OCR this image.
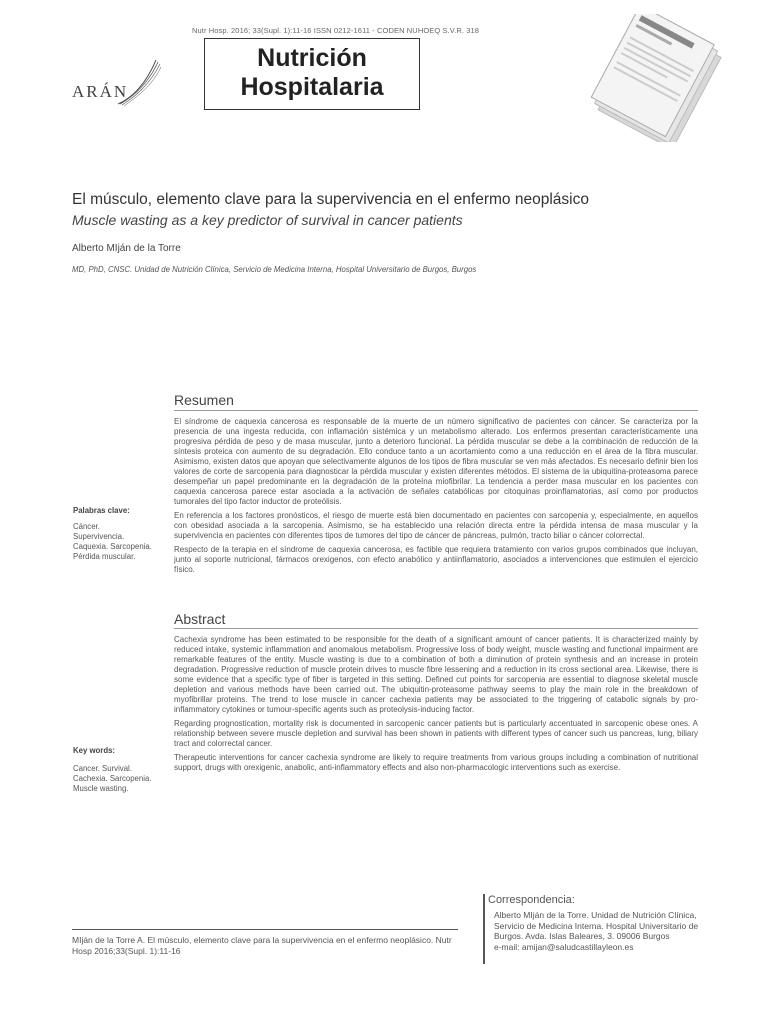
Nutr Hosp. 2016; 33(Supl. 1):11-16 ISSN 0212-1611 - CODEN NUHOEQ S.V.R. 318
ARÁN
Nutrición
Hospitalaria
El músculo, elemento clave para la supervivencia en el enfermo neoplásico
Muscle wasting as a key predictor of survival in cancer patients
Alberto MIján de la Torre
MD, PhD, CNSC. Unidad de Nutrición Clínica, Servicio de Medicina Interna, Hospital Universitario de Burgos, Burgos
Resumen

El síndrome de caquexia cancerosa es responsable de la muerte de un número significativo de pacientes con cáncer. Se caracteriza por la presencia de una ingesta reducida, con inflamación sistémica y un metabolismo alterado. Los enfermos presentan característicamente una progresiva pérdida de peso y de masa muscular, junto a deterioro funcional. La pérdida muscular se debe a la combinación de reducción de la síntesis proteica con aumento de su degradación. Ello conduce tanto a un acortamiento como a una reducción en el área de la fibra muscular. Asimismo, existen datos que apoyan que selectivamente algunos de los tipos de fibra muscular se ven más afectados. Es necesario definir bien los valores de corte de sarcopenia para diagnosticar la pérdida muscular y existen diferentes métodos. El sistema de la ubiquitina-proteasoma parece desempeñar un papel predominante en la degradación de la proteína miofibrilar. La tendencia a perder masa muscular en los pacientes con caquexia cancerosa parece estar asociada a la activación de señales catabólicas por citoquinas proinflamatorias, así como por productos tumorales del tipo factor inductor de proteólisis.

En referencia a los factores pronósticos, el riesgo de muerte está bien documentado en pacientes con sarcopenia y, especialmente, en aquellos con obesidad asociada a la sarcopenia. Asimismo, se ha establecido una relación directa entre la pérdida intensa de masa muscular y la supervivencia en pacientes con diferentes tipos de tumores del tipo de cáncer de páncreas, pulmón, tracto biliar o cáncer colorrectal.

Respecto de la terapia en el síndrome de caquexia cancerosa, es factible que requiera tratamiento con varios grupos combinados que incluyan, junto al soporte nutricional, fármacos orexigenos, con efecto anabólico y antiinflamatorio, asociados a intervenciones que estimulen el ejercicio físico.

Palabras clave:
Cáncer. Supervivencia. Caquexia. Sarcopenia. Pérdida muscular.
Abstract

Cachexia syndrome has been estimated to be responsible for the death of a significant amount of cancer patients. It is characterized mainly by reduced intake, systemic inflammation and anomalous metabolism. Progressive loss of body weight, muscle wasting and functional impairment are remarkable features of the entity. Muscle wasting is due to a combination of both a diminution of protein synthesis and an increase in protein degradation. Progressive reduction of muscle protein drives to muscle fibre lessening and a reduction in its cross sectional area. Likewise, there is some evidence that a specific type of fiber is targeted in this setting. Defined cut points for sarcopenia are essential to diagnose skeletal muscle depletion and various methods have been carried out. The ubiquitin-proteasome pathway seems to play the main role in the breakdown of myofibrillar proteins. The trend to lose muscle in cancer cachexia patients may be associated to the triggering of catabolic signals by pro-inflammatory cytokines or tumour-specific agents such as proteolysis-inducing factor.

Regarding prognostication, mortality risk is documented in sarcopenic cancer patients but is particularly accentuated in sarcopenic obese ones. A relationship between severe muscle depletion and survival has been shown in patients with different types of cancer such us pancreas, lung, biliary tract and colorrectal cancer.

Therapeutic interventions for cancer cachexia syndrome are likely to require treatments from various groups including a combination of nutritional support, drugs with orexigenic, anabolic, anti-inflammatory effects and also non-pharmacologic interventions such as exercise.

Key words:
Cancer. Survival. Cachexia. Sarcopenia. Muscle wasting.
Correspondencia:
Alberto MIján de la Torre. Unidad de Nutrición Clínica,
Servicio de Medicina Interna. Hospital Universitario de
Burgos. Avda. Islas Baleares, 3. 09006 Burgos
e-mail: amijan@saludcastillayleon.es
MIján de la Torre A. El músculo, elemento clave para la supervivencia en el enfermo neoplásico. Nutr Hosp 2016;33(Supl. 1):11-16
